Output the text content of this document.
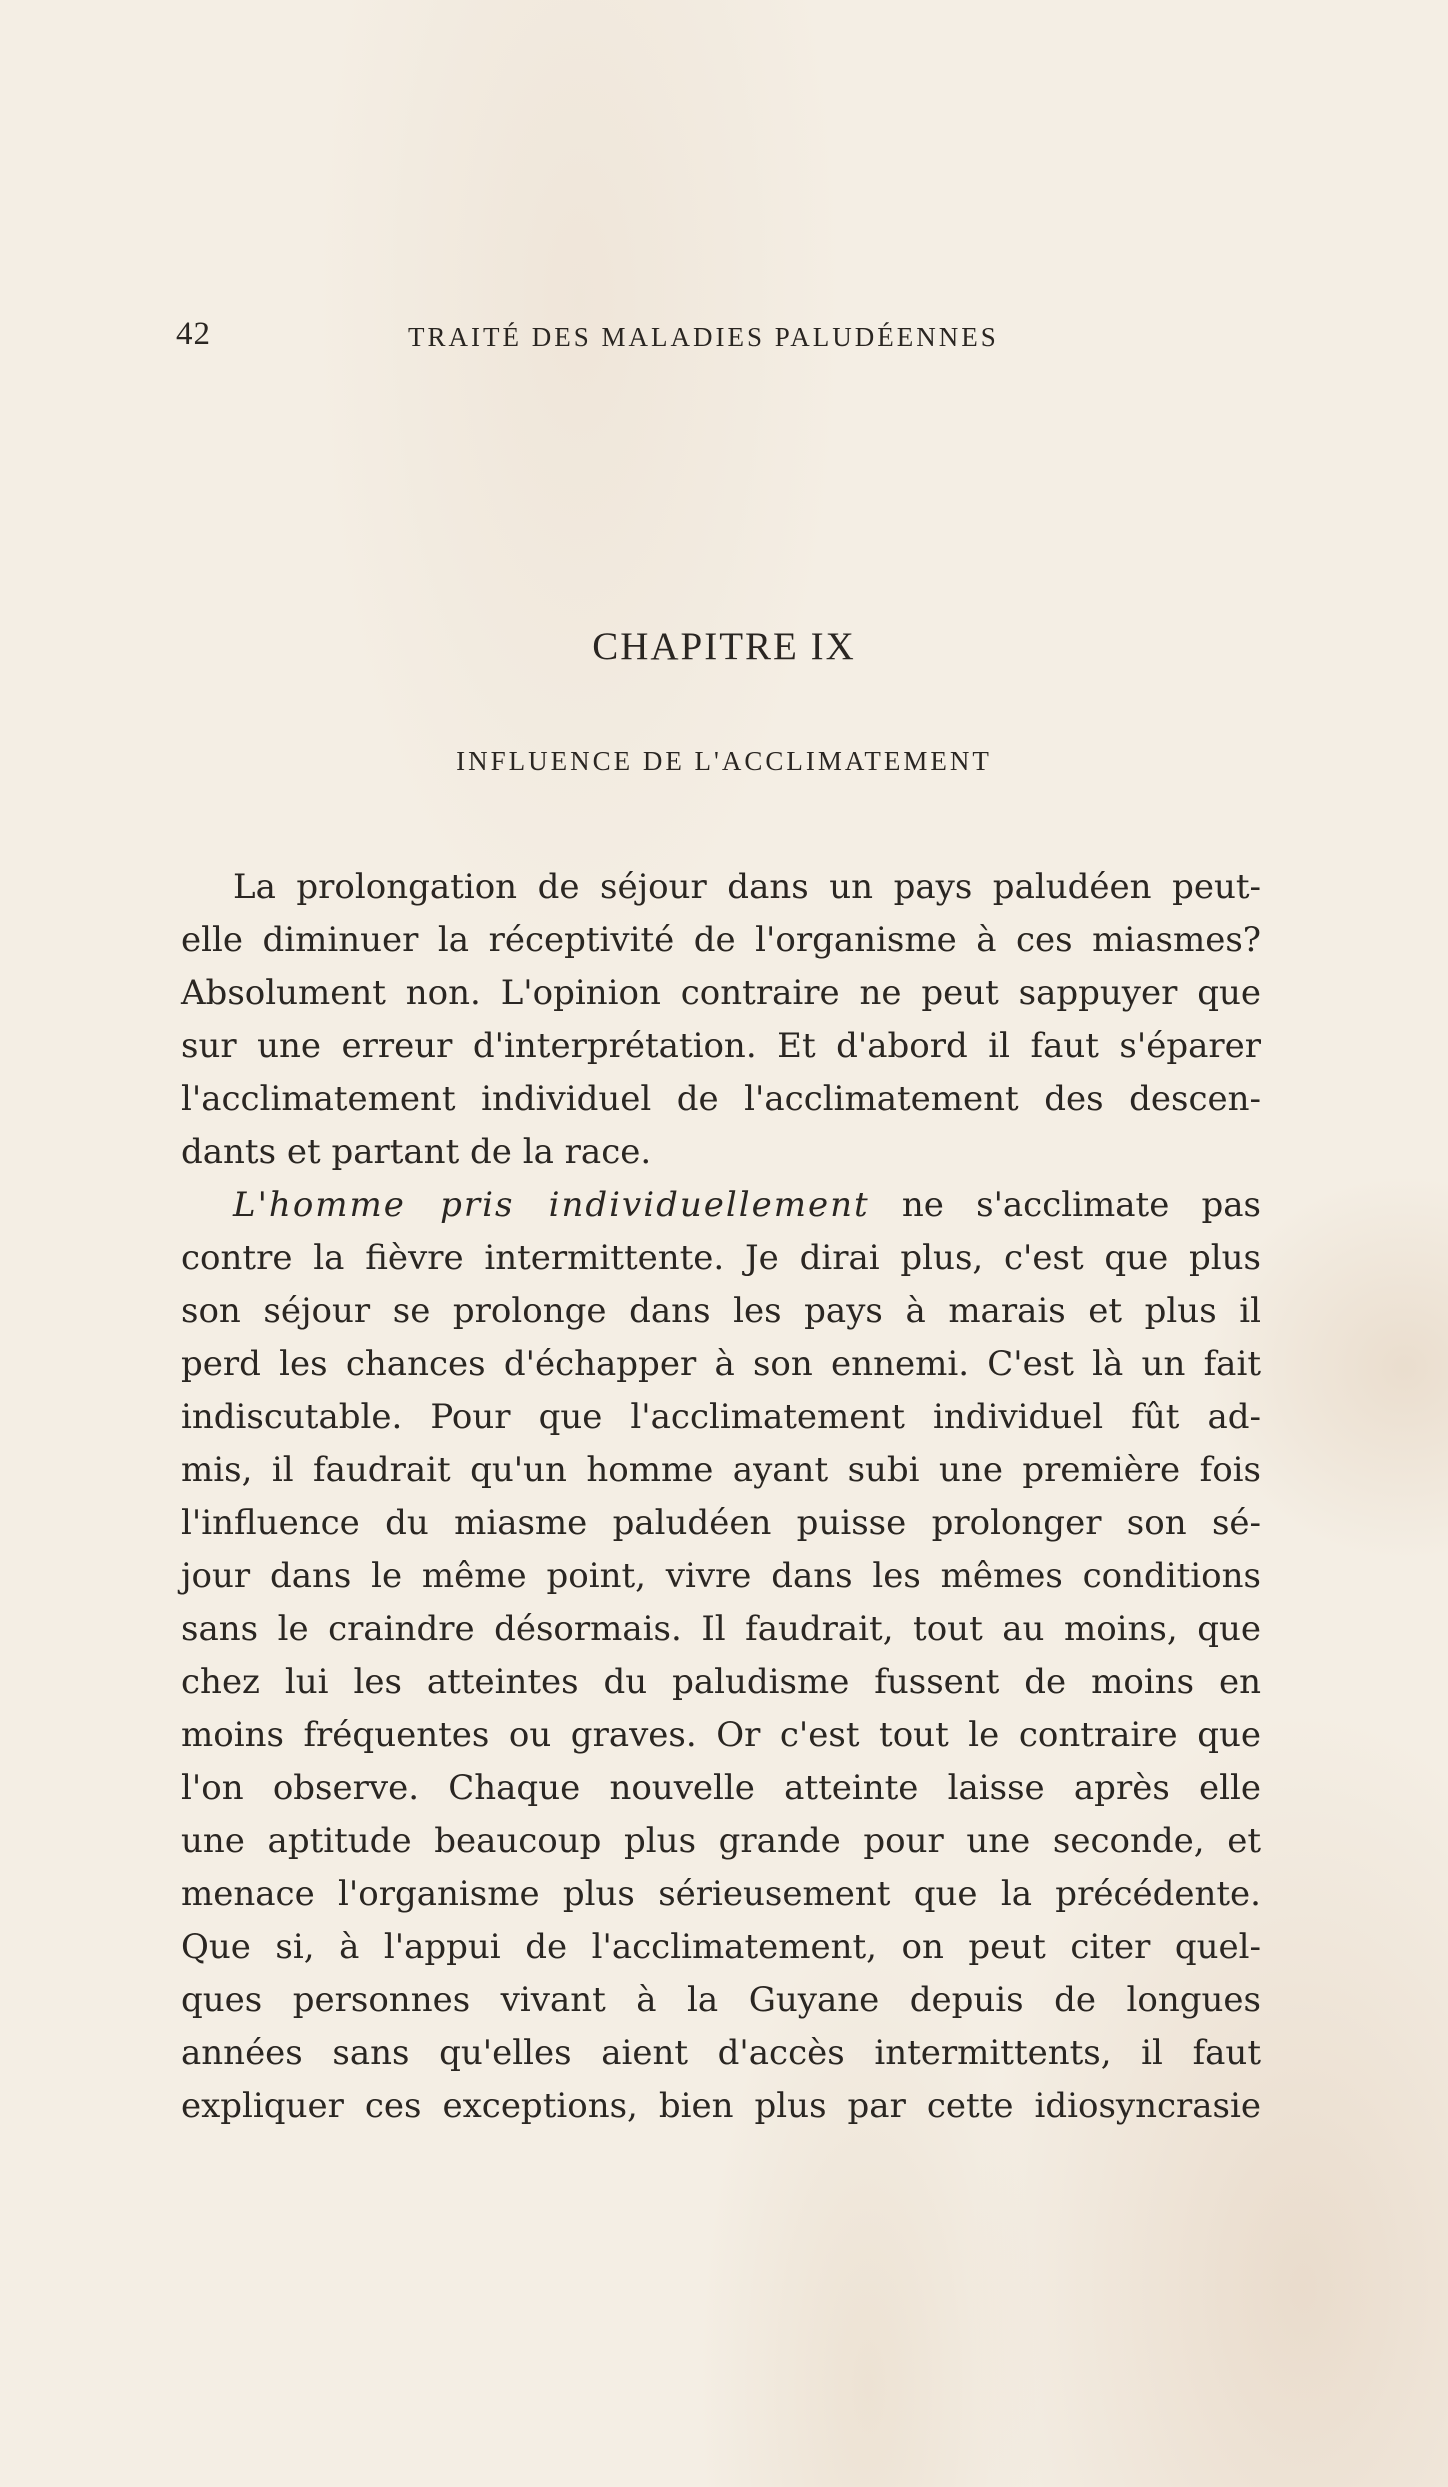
42	TRAITÉ DES MALADIES PALUDÉENNES
CHAPITRE IX
INFLUENCE DE L'ACCLIMATEMENT
La prolongation de séjour dans un pays paludéen peut-
elle diminuer la réceptivité de l'organisme à ces miasmes?
Absolument non. L'opinion contraire ne peut sappuyer que
sur une erreur d'interprétation. Et d'abord il faut s'éparer
l'acclimatement individuel de l'acclimatement des descen-
dants et partant de la race.
L'homme pris individuellement ne s'acclimate pas
contre la fièvre intermittente. Je dirai plus, c'est que plus
son séjour se prolonge dans les pays à marais et plus il
perd les chances d'échapper à son ennemi. C'est là un fait
indiscutable. Pour que l'acclimatement individuel fût ad-
mis, il faudrait qu'un homme ayant subi une première fois
l'influence du miasme paludéen puisse prolonger son sé-
jour dans le même point, vivre dans les mêmes conditions
sans le craindre désormais. Il faudrait, tout au moins, que
chez lui les atteintes du paludisme fussent de moins en
moins fréquentes ou graves. Or c'est tout le contraire que
l'on observe. Chaque nouvelle atteinte laisse après elle
une aptitude beaucoup plus grande pour une seconde, et
menace l'organisme plus sérieusement que la précédente.
Que si, à l'appui de l'acclimatement, on peut citer quel-
ques personnes vivant à la Guyane depuis de longues
années sans qu'elles aient d'accès intermittents, il faut
expliquer ces exceptions, bien plus par cette idiosyncrasie
